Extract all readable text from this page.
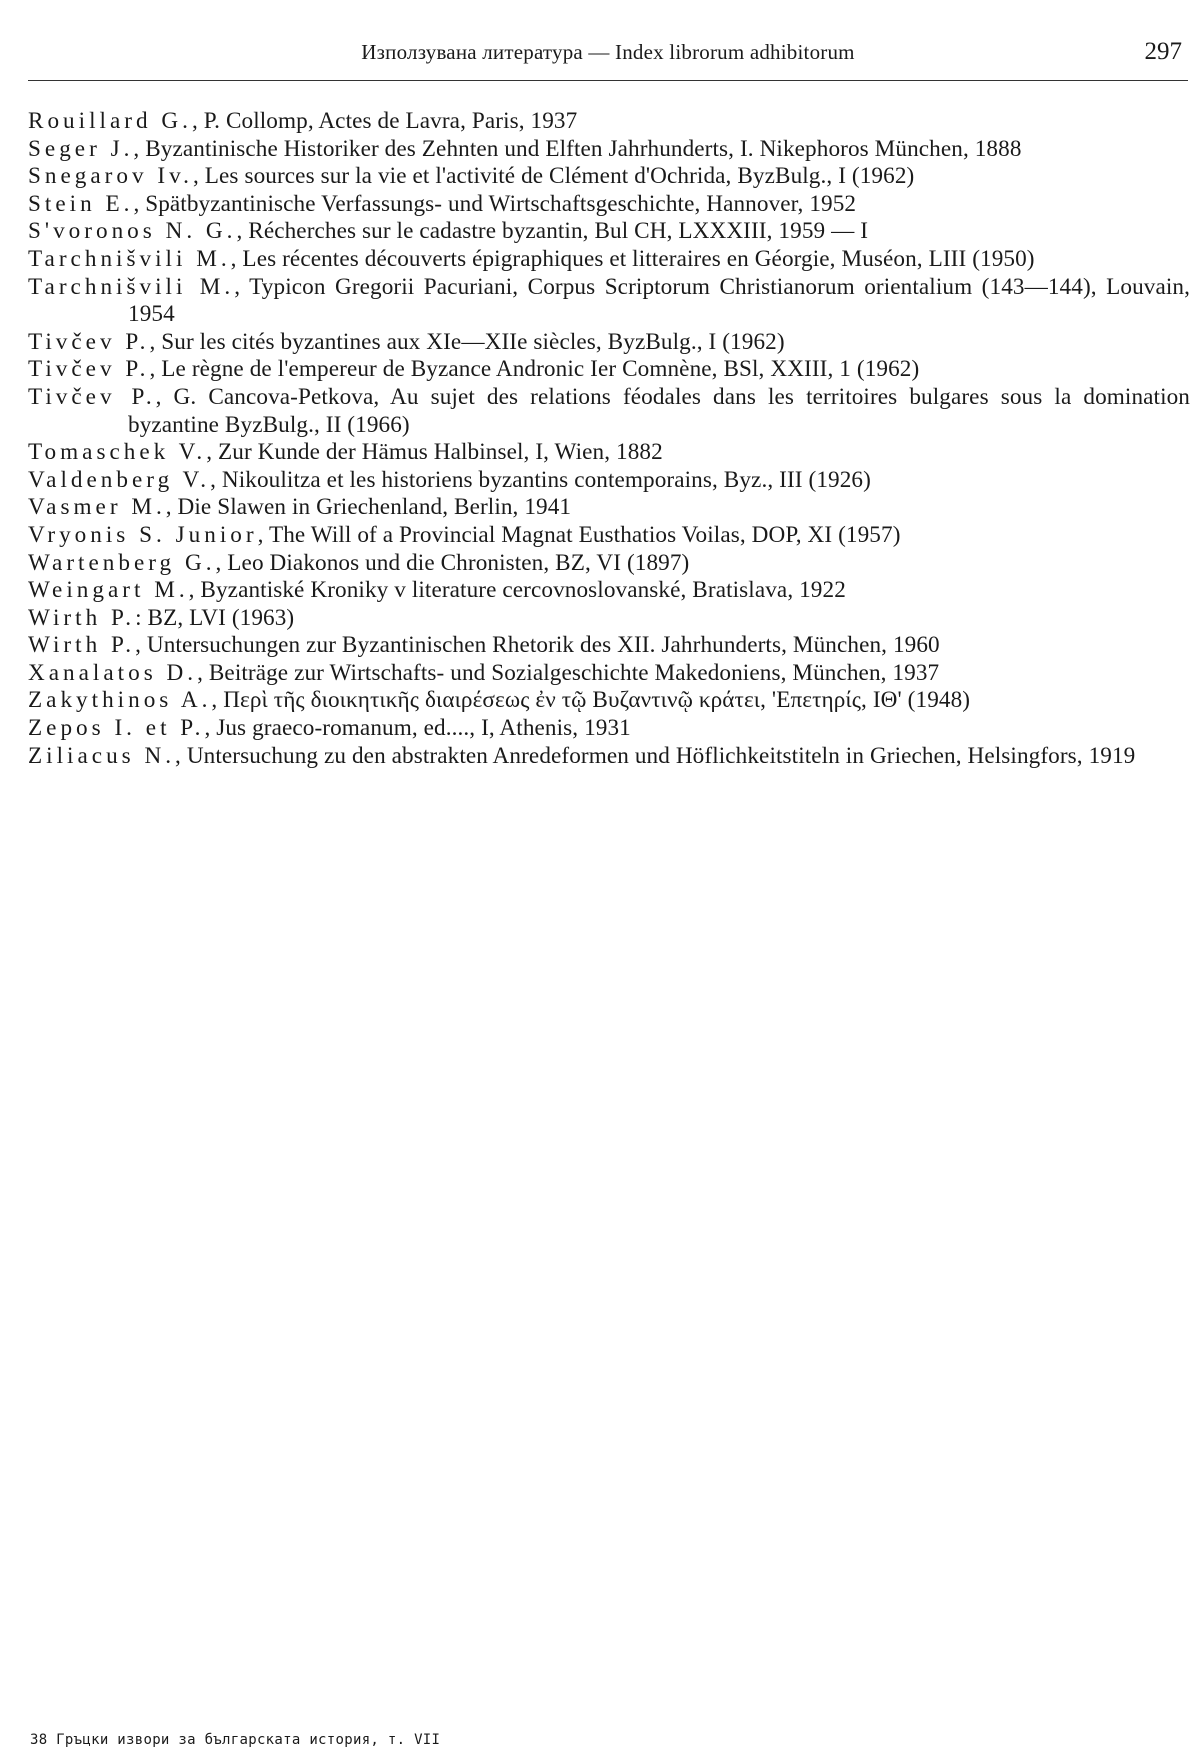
Използувана литература — Index librorum adhibitorum	297
Rouillard G., P. Collomp, Actes de Lavra, Paris, 1937
Seger J., Byzantinische Historiker des Zehnten und Elften Jahrhunderts, I. Nikephoros München, 1888
Snegarov Iv., Les sources sur la vie et l'activité de Clément d'Ochrida, ByzBulg., I (1962)
Stein E., Spätbyzantinische Verfassungs- und Wirtschaftsgeschichte, Hannover, 1952
S'voronos N. G., Récherches sur le cadastre byzantin, Bul CH, LXXXIII, 1959 — I
Tarchnišvili M., Les récentes découverts épigraphiques et litteraires en Géorgie, Muséon, LIII (1950)
Tarchnišvili M., Typicon Gregorii Pacuriani, Corpus Scriptorum Christianorum orientalium (143—144), Louvain, 1954
Tivčev P., Sur les cités byzantines aux XIe—XIIe siècles, ByzBulg., I (1962)
Tivčev P., Le règne de l'empereur de Byzance Andronic Ier Comnène, BSl, XXIII, 1 (1962)
Tivčev P., G. Cancova-Petkova, Au sujet des relations féodales dans les territoires bulgares sous la domination byzantine ByzBulg., II (1966)
Tomaschek V., Zur Kunde der Hämus Halbinsel, I, Wien, 1882
Valdenberg V., Nikoulitza et les historiens byzantins contemporains, Byz., III (1926)
Vasmer M., Die Slawen in Griechenland, Berlin, 1941
Vryonis S. Junior, The Will of a Provincial Magnat Eusthatios Voilas, DOP, XI (1957)
Wartenberg G., Leo Diakonos und die Chronisten, BZ, VI (1897)
Weingart M., Byzantiské Kroniky v literature cercovnoslovanské, Bratislava, 1922
Wirth P.: BZ, LVI (1963)
Wirth P., Untersuchungen zur Byzantinischen Rhetorik des XII. Jahrhunderts, München, 1960
Xanalatos D., Beiträge zur Wirtschafts- und Sozialgeschichte Makedoniens, München, 1937
Zakythinos A., Περὶ τῆς διοικητικῆς διαιρέσεως ἐν τῷ Βυζαντινῷ κράτει, 'Επετηρίς, ΙΘ' (1948)
Zepos I. et P., Jus graeco-romanum, ed...., I, Athenis, 1931
Ziliacus N., Untersuchung zu den abstrakten Anredeformen und Höflichkeitstiteln in Griechen, Helsingfors, 1919
38 Гръцки извори за българската история, т. VII
